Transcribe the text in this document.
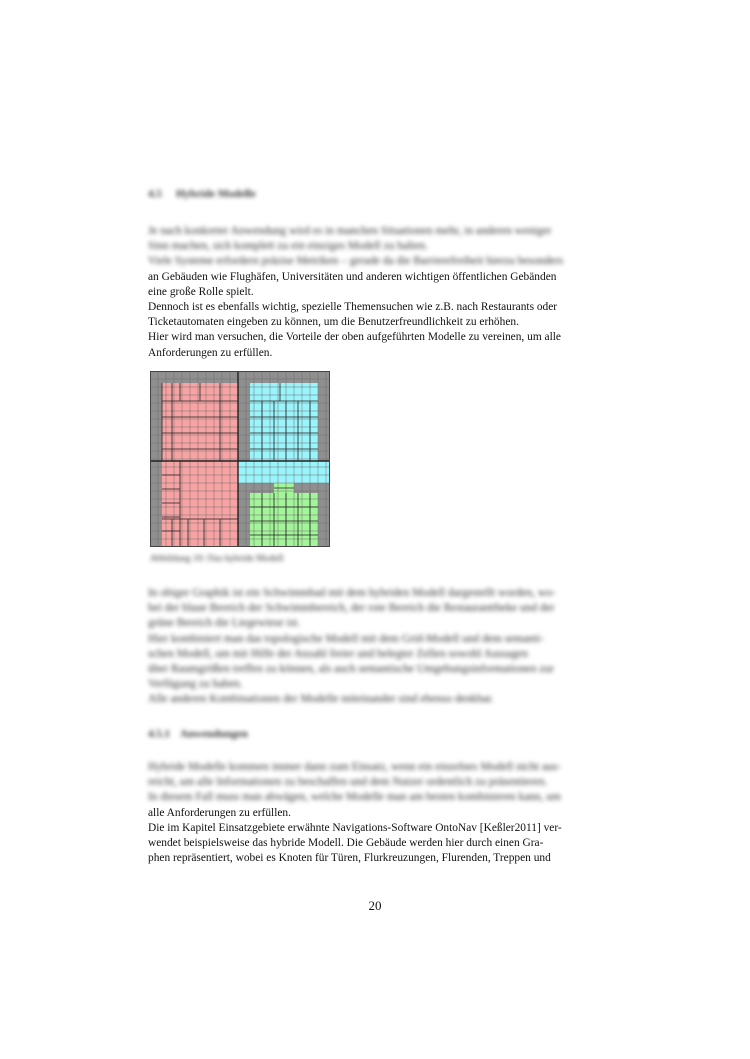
4.5 Hybride Modelle

Je nach konkreter Anwendung wird es in manchen Situationen mehr, in anderen weniger

Sinn machen, sich komplett zu ein einziges Modell zu halten.

Viele Systeme erfordern präzise Metriken – gerade da die Barrierefreiheit hierzu besonders

an Gebäuden wie Flughäfen, Universitäten und anderen wichtigen öffentlichen Gebänden

eine große Rolle spielt.

Dennoch ist es ebenfalls wichtig, spezielle Themensuchen wie z.B. nach Restaurants oder

Ticketautomaten eingeben zu können, um die Benutzerfreundlichkeit zu erhöhen.

Hier wird man versuchen, die Vorteile der oben aufgeführten Modelle zu vereinen, um alle

Anforderungen zu erfüllen.

Abbildung 10: Das hybride Modell

In obiger Graphik ist ein Schwimmbad mit dem hybriden Modell dargestellt worden, wo-

bei der blaue Bereich der Schwimmbereich, der rote Bereich die Restauranttheke und der

grüne Bereich die Liegewiese ist.

Hier kombiniert man das topologische Modell mit dem Grid-Modell und dem semanti-

schen Modell, um mit Hilfe der Anzahl freier und belegter Zellen sowohl Aussagen

über Raumgrößen treffen zu können, als auch semantische Umgebungsinformationen zur

Verfügung zu haben.

Alle anderen Kombinationen der Modelle miteinander sind ebenso denkbar.

4.5.1 Anwendungen

Hybride Modelle kommen immer dann zum Einsatz, wenn ein einzelnes Modell nicht aus-

reicht, um alle Informationen zu beschaffen und dem Nutzer ordentlich zu präsentieren.

In diesem Fall muss man abwägen, welche Modelle man am besten kombinieren kann, um

alle Anforderungen zu erfüllen.

Die im Kapitel Einsatzgebiete erwähnte Navigations-Software OntoNav [Keßler2011] ver-

wendet beispielsweise das hybride Modell. Die Gebäude werden hier durch einen Gra-

phen repräsentiert, wobei es Knoten für Türen, Flurkreuzungen, Flurenden, Treppen und

20
